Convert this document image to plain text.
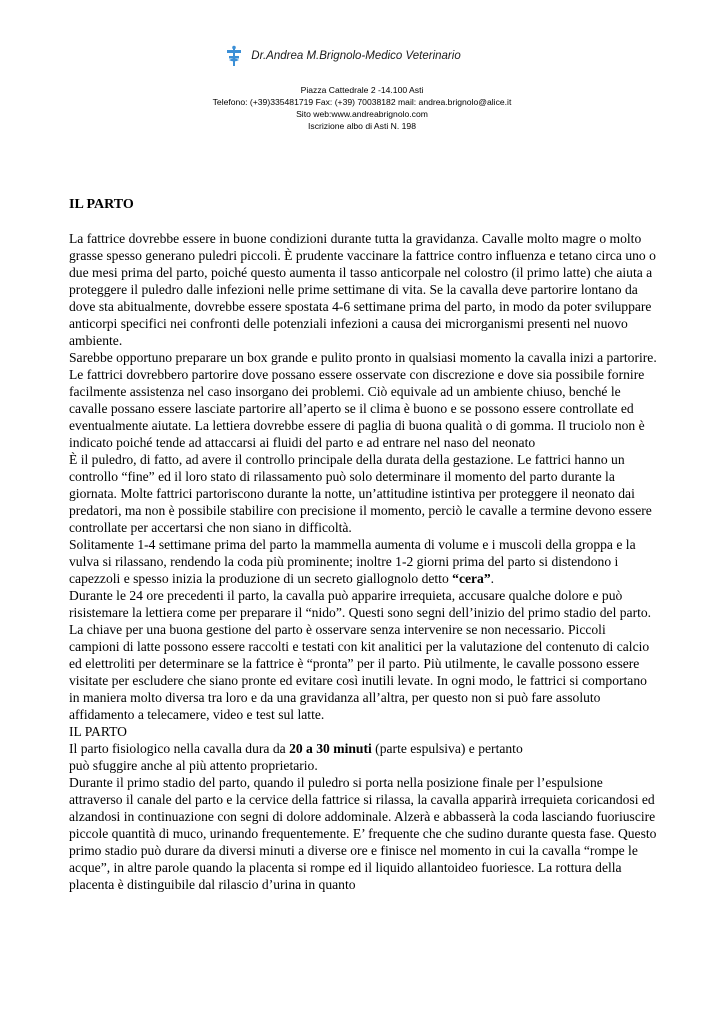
Dr.Andrea M.Brignolo-Medico Veterinario
Piazza Cattedrale 2 -14.100 Asti
Telefono: (+39)335481719 Fax: (+39) 70038182 mail: andrea.brignolo@alice.it
Sito web:www.andreabrignolo.com
Iscrizione albo di Asti N. 198

IL PARTO

La fattrice dovrebbe essere in buone condizioni durante tutta la gravidanza. Cavalle molto magre o molto grasse spesso generano puledri piccoli. È prudente vaccinare la fattrice contro influenza e tetano circa uno o due mesi prima del parto, poiché questo aumenta il tasso anticorpale nel colostro (il primo latte) che aiuta a proteggere il puledro dalle infezioni nelle prime settimane di vita. Se la cavalla deve partorire lontano da dove sta abitualmente, dovrebbe essere spostata 4-6 settimane prima del parto, in modo da poter sviluppare anticorpi specifici nei confronti delle potenziali infezioni a causa dei microrganismi presenti nel nuovo ambiente.

Sarebbe opportuno preparare un box grande e pulito pronto in qualsiasi momento la cavalla inizi a partorire. Le fattrici dovrebbero partorire dove possano essere osservate con discrezione e dove sia possibile fornire facilmente assistenza nel caso insorgano dei problemi. Ciò equivale ad un ambiente chiuso, benché le cavalle possano essere lasciate partorire all’aperto se il clima è buono e se possono essere controllate ed eventualmente aiutate. La lettiera dovrebbe essere di paglia di buona qualità o di gomma. Il truciolo non è indicato poiché tende ad attaccarsi ai fluidi del parto e ad entrare nel naso del neonato

È il puledro, di fatto, ad avere il controllo principale della durata della gestazione. Le fattrici hanno un controllo “fine” ed il loro stato di rilassamento può solo determinare il momento del parto durante la giornata. Molte fattrici partoriscono durante la notte, un’attitudine istintiva per proteggere il neonato dai predatori, ma non è possibile stabilire con precisione il momento, perciò le cavalle a termine devono essere controllate per accertarsi che non siano in difficoltà.

Solitamente 1-4 settimane prima del parto la mammella aumenta di volume e i muscoli della groppa e la vulva si rilassano, rendendo la coda più prominente; inoltre 1-2 giorni prima del parto si distendono i capezzoli e spesso inizia la produzione di un secreto giallognolo detto “cera”.

Durante le 24 ore precedenti il parto, la cavalla può apparire irrequieta, accusare qualche dolore e può risistemare la lettiera come per preparare il “nido”. Questi sono segni dell’inizio del primo stadio del parto. La chiave per una buona gestione del parto è osservare senza intervenire se non necessario. Piccoli campioni di latte possono essere raccolti e testati con kit analitici per la valutazione del contenuto di calcio ed elettroliti per determinare se la fattrice è “pronta” per il parto. Più utilmente, le cavalle possono essere visitate per escludere che siano pronte ed evitare così inutili levate. In ogni modo, le fattrici si comportano in maniera molto diversa tra loro e da una gravidanza all’altra, per questo non si può fare assoluto affidamento a telecamere, video e test sul latte.

IL PARTO

Il parto fisiologico nella cavalla dura da 20 a 30 minuti (parte espulsiva) e pertanto

può sfuggire anche al più attento proprietario.

Durante il primo stadio del parto, quando il puledro si porta nella posizione finale per l’espulsione attraverso il canale del parto e la cervice della fattrice si rilassa, la cavalla apparirà irrequieta coricandosi ed alzandosi in continuazione con segni di dolore addominale. Alzerà e abbasserà la coda lasciando fuoriuscire piccole quantità di muco, urinando frequentemente. E’ frequente che che sudino durante questa fase. Questo primo stadio può durare da diversi minuti a diverse ore e finisce nel momento in cui la cavalla “rompe le acque”, in altre parole quando la placenta si rompe ed il liquido allantoideo fuoriesce. La rottura della placenta è distinguibile dal rilascio d’urina in quanto
